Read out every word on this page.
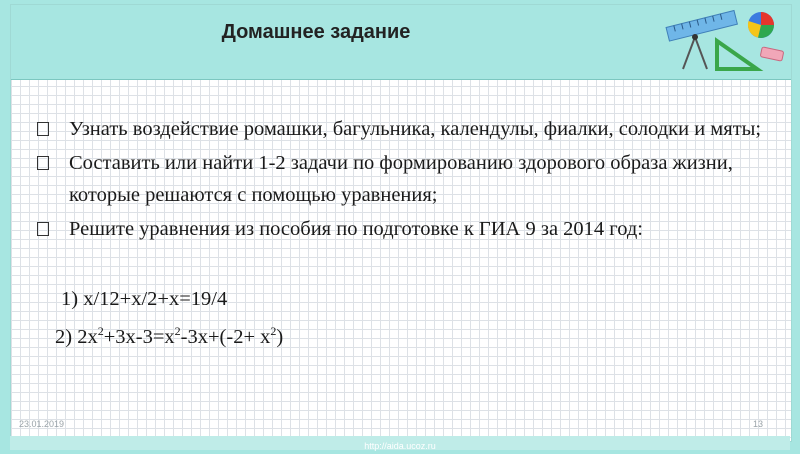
Домашнее задание
Узнать воздействие ромашки, багульника, календулы, фиалки, солодки и мяты;
Составить или найти 1-2 задачи по формированию здорового образа жизни, которые решаются с помощью уравнения;
Решите уравнения из пособия по подготовке к ГИА 9 за 2014 год:
1) x/12+x/2+x=19/4
2) $2x^2+3x-3=x^2-3x+(-2+ x^2)$
23.01.2019	13
http://aida.ucoz.ru
